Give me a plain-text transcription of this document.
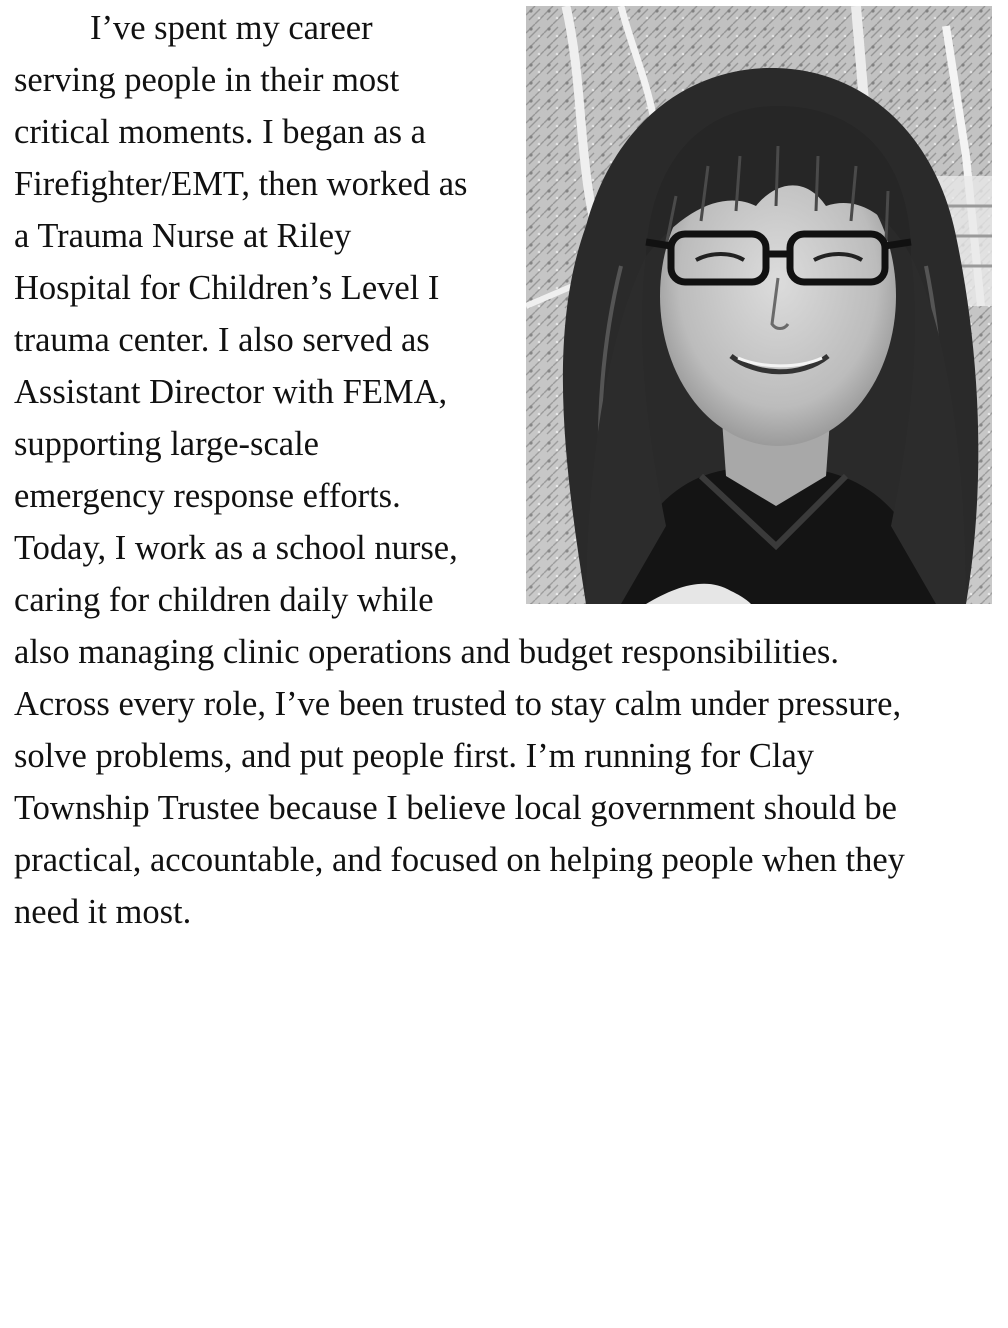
I’ve spent my career
serving people in their most
critical moments. I began as a
Firefighter/EMT, then worked as
a Trauma Nurse at Riley
Hospital for Children’s Level I
trauma center. I also served as
Assistant Director with FEMA,
supporting large-scale
emergency response efforts.
Today, I work as a school nurse,
caring for children daily while
also managing clinic operations and budget responsibilities.
Across every role, I’ve been trusted to stay calm under pressure,
solve problems, and put people first. I’m running for Clay
Township Trustee because I believe local government should be
practical, accountable, and focused on helping people when they
need it most.
